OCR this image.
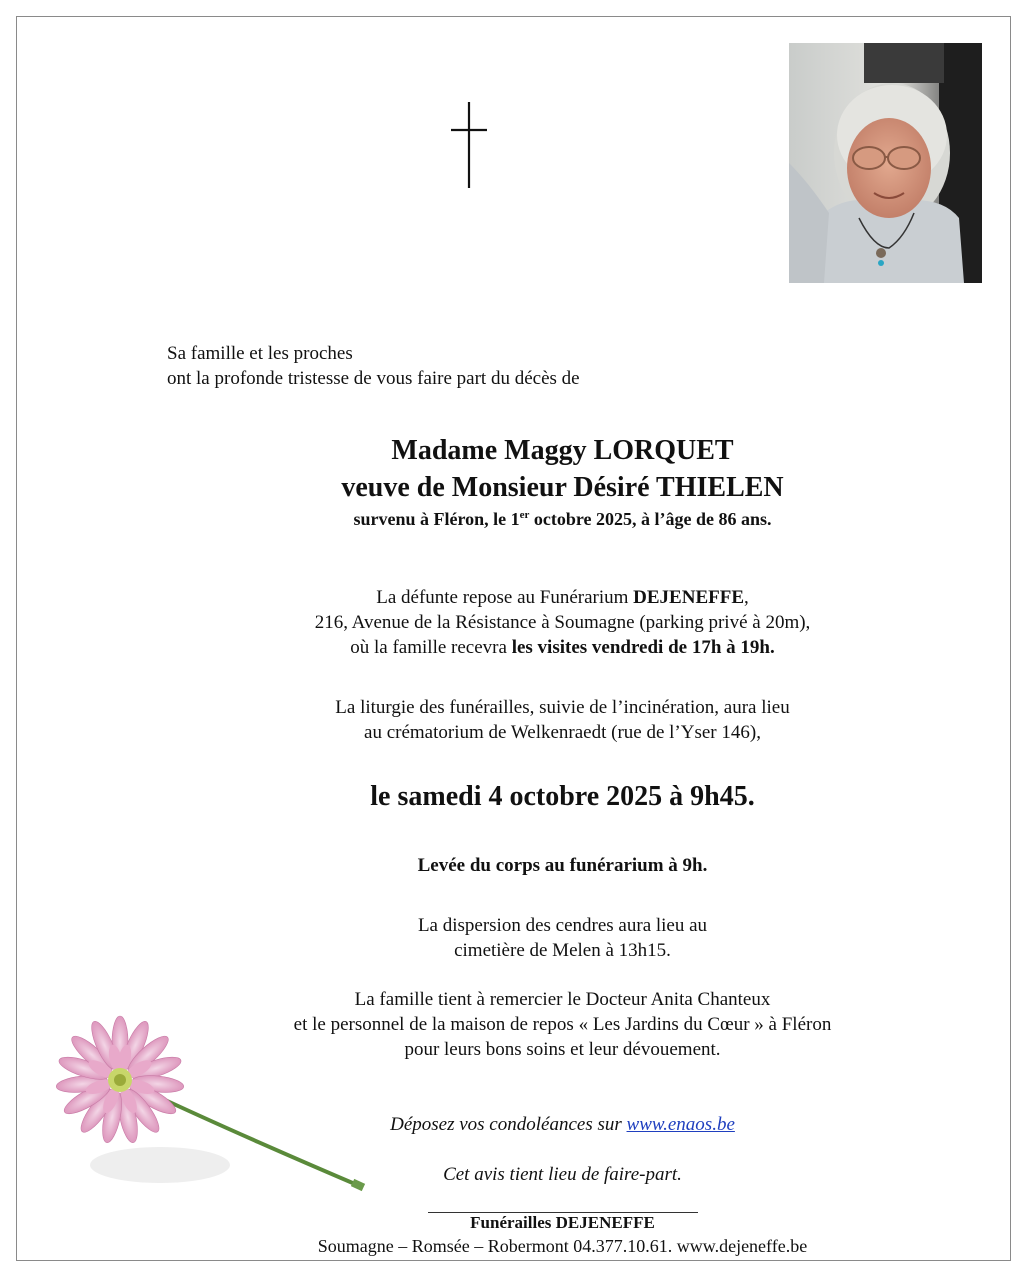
Sa famille et les proches
ont la profonde tristesse de vous faire part du décès de
Madame Maggy LORQUET
veuve de Monsieur Désiré THIELEN
survenu à Fléron, le 1er octobre 2025, à l’âge de 86 ans.
La défunte repose au Funérarium DEJENEFFE,
216, Avenue de la Résistance à Soumagne (parking privé à 20m),
où la famille recevra les visites vendredi de 17h à 19h.
La liturgie des funérailles, suivie de l’incinération, aura lieu
au crématorium de Welkenraedt (rue de l’Yser 146),
le samedi 4 octobre 2025 à 9h45.
Levée du corps au funérarium à 9h.
La dispersion des cendres aura lieu au
cimetière de Melen à 13h15.
La famille tient à remercier le Docteur Anita Chanteux
et le personnel de la maison de repos « Les Jardins du Cœur » à Fléron
pour leurs bons soins et leur dévouement.
Déposez vos condoléances sur www.enaos.be
Cet avis tient lieu de faire-part.
Funérailles DEJENEFFE
Soumagne – Romsée – Robermont 04.377.10.61. www.dejeneffe.be
